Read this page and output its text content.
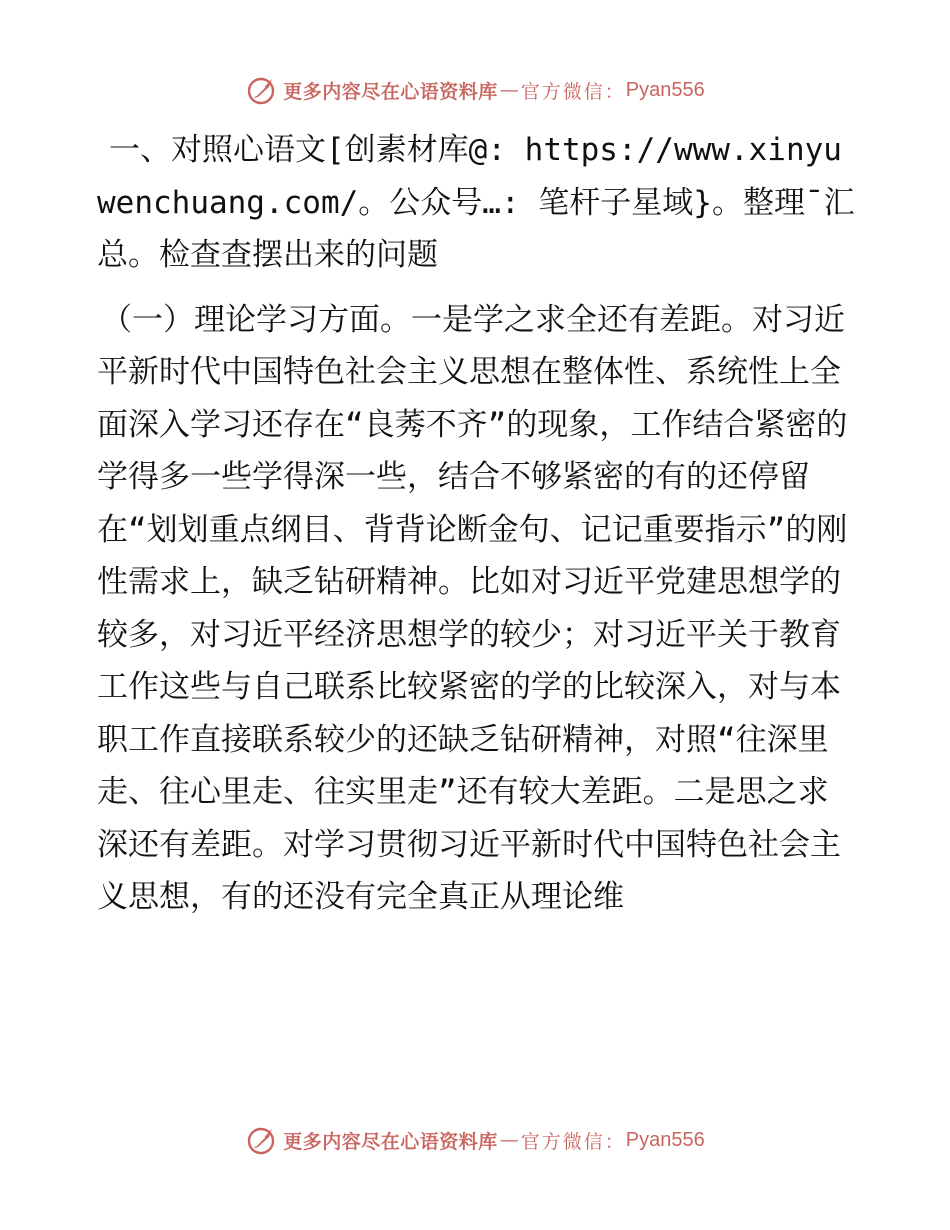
更多内容尽在心语资料库 — 官方微信： Pyan556

一、对照心语文[创素材库@: https://www.xinyuwenchuang.com/。公众号…: 笔杆子星域}。整理¯汇总。检查查摆出来的问题

（一）理论学习方面。一是学之求全还有差距。对习近平新时代中国特色社会主义思想在整体性、系统性上全面深入学习还存在“良莠不齐”的现象，工作结合紧密的学得多一些学得深一些，结合不够紧密的有的还停留在“划划重点纲目、背背论断金句、记记重要指示”的刚性需求上，缺乏钻研精神。比如对习近平党建思想学的较多，对习近平经济思想学的较少；对习近平关于教育工作这些与自己联系比较紧密的学的比较深入，对与本职工作直接联系较少的还缺乏钻研精神，对照“往深里走、往心里走、往实里走”还有较大差距。二是思之求深还有差距。对学习贯彻习近平新时代中国特色社会主义思想，有的还没有完全真正从理论维

更多内容尽在心语资料库 — 官方微信： Pyan556
